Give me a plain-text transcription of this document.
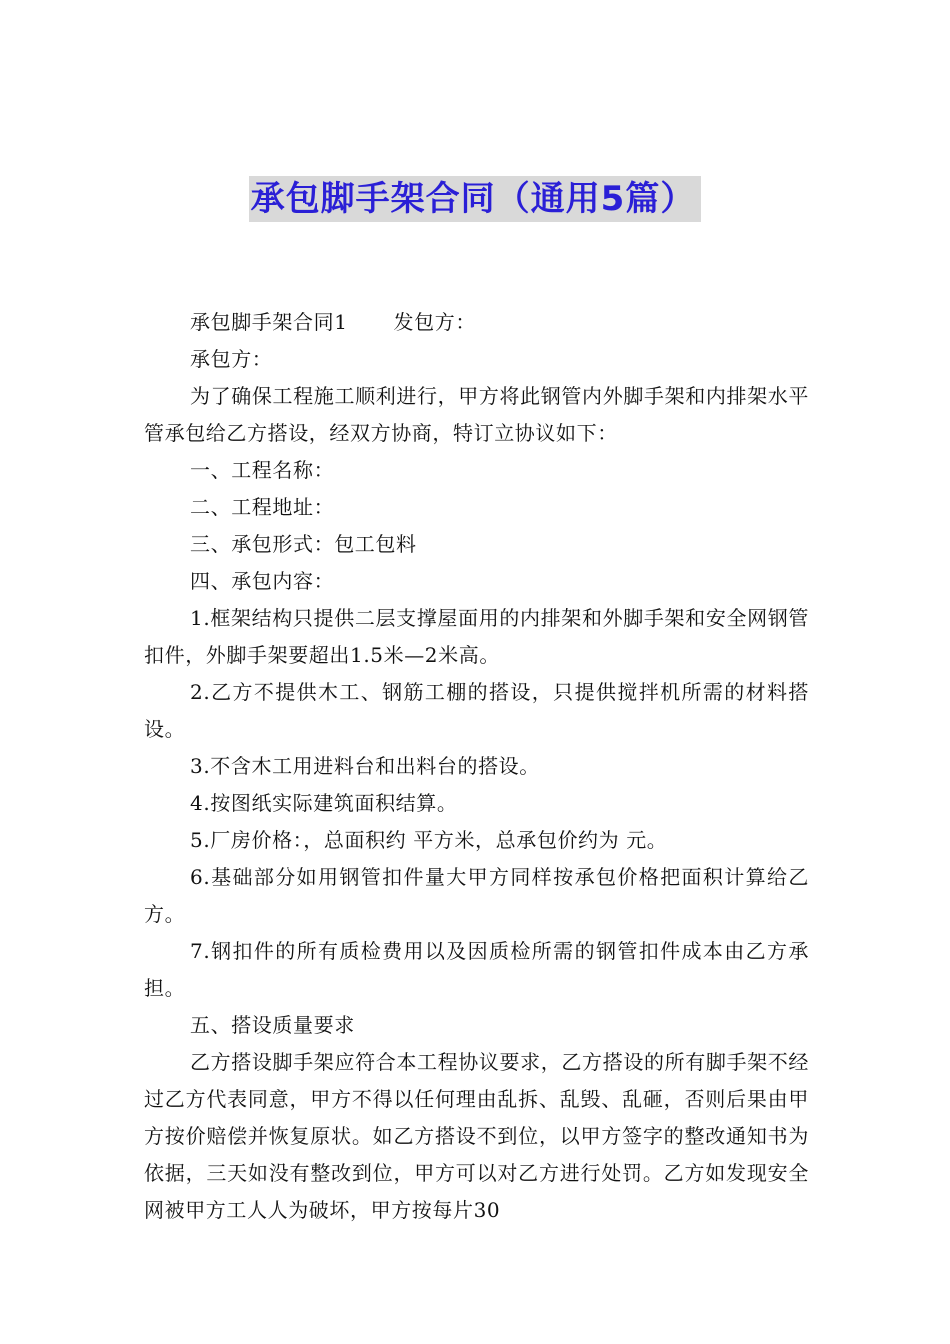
承包脚手架合同（通用5篇）

承包脚手架合同1 发包方：

承包方：

为了确保工程施工顺利进行，甲方将此钢管内外脚手架和内排架水平管承包给乙方搭设，经双方协商，特订立协议如下：

一、工程名称：

二、工程地址：

三、承包形式：包工包料

四、承包内容：

1.框架结构只提供二层支撑屋面用的内排架和外脚手架和安全网钢管扣件，外脚手架要超出1.5米—2米高。

2.乙方不提供木工、钢筋工棚的搭设，只提供搅拌机所需的材料搭设。

3.不含木工用进料台和出料台的搭设。

4.按图纸实际建筑面积结算。

5.厂房价格：，总面积约 平方米，总承包价约为 元。

6.基础部分如用钢管扣件量大甲方同样按承包价格把面积计算给乙方。

7.钢扣件的所有质检费用以及因质检所需的钢管扣件成本由乙方承担。

五、搭设质量要求

乙方搭设脚手架应符合本工程协议要求，乙方搭设的所有脚手架不经过乙方代表同意，甲方不得以任何理由乱拆、乱毁、乱砸，否则后果由甲方按价赔偿并恢复原状。如乙方搭设不到位，以甲方签字的整改通知书为依据，三天如没有整改到位，甲方可以对乙方进行处罚。乙方如发现安全网被甲方工人人为破坏，甲方按每片30
